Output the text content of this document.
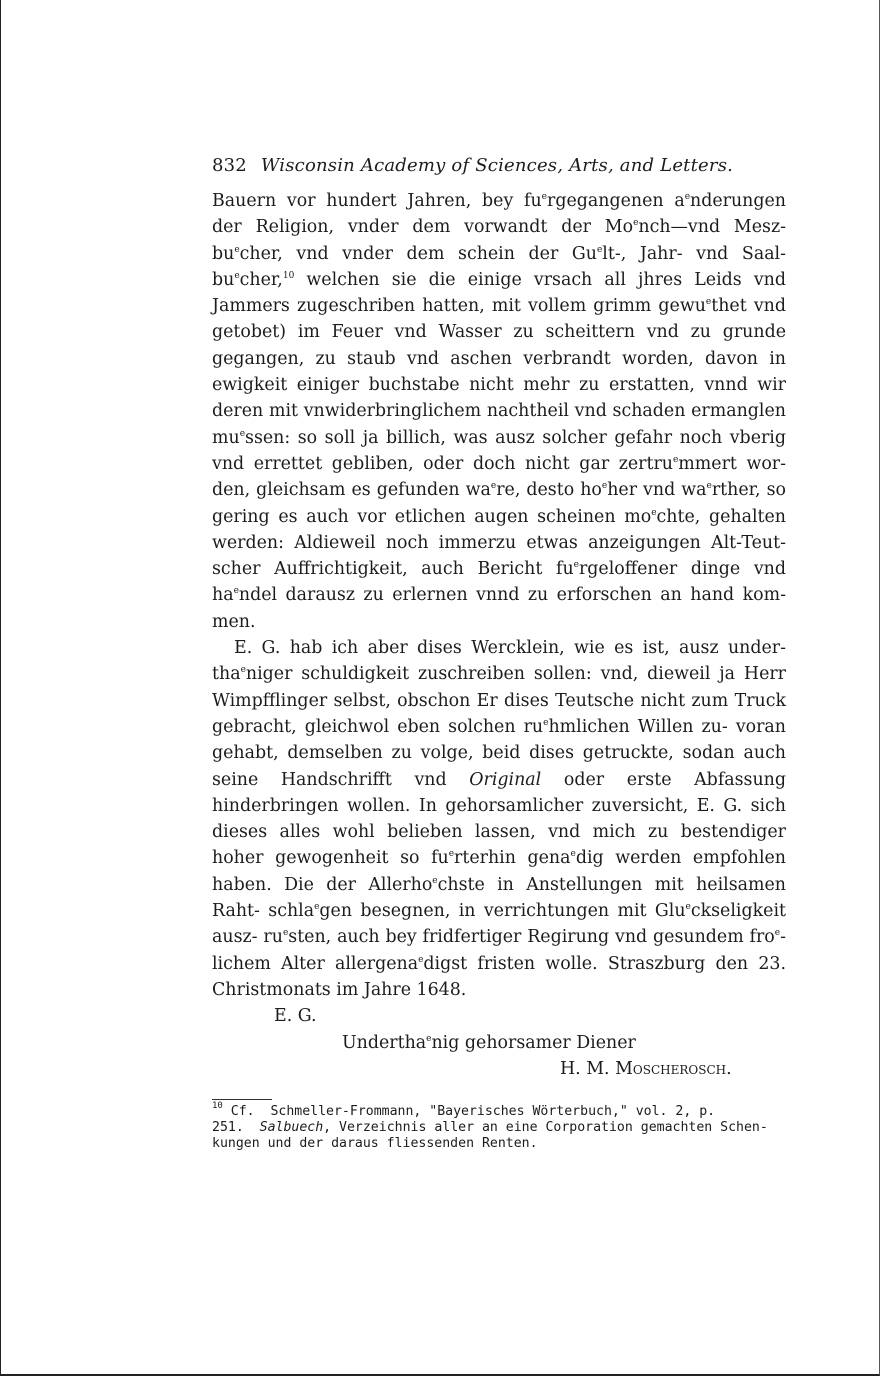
832 Wisconsin Academy of Sciences, Arts, and Letters.

Bauern vor hundert Jahren, bey $fu^ergegangenen$ $a^enderungen$ der Religion, vnder dem vorwandt der Mo$^e$nch—vnd Mesz- $bu^echer$, vnd vnder dem schein der Gu$^e$lt-, Jahr- vnd Saal- $bu^echer,^{10}$ welchen sie die einige vrsach all jhres Leids vnd Jammers zugeschriben hatten, mit vollem grimm gewu$^e$thet vnd getobet) im Feuer vnd Wasser zu scheittern vnd zu grunde gegangen, zu staub vnd aschen verbrandt worden, davon in ewigkeit einiger buchstabe nicht mehr zu erstatten, vnnd wir deren mit vnwiderbringlichem nachtheil vnd schaden ermanglen $mu^essen$: so soll ja billich, was ausz solcher gefahr noch vberig vnd errettet gebliben, oder doch nicht gar zertru$^e$mmert wor- den, gleichsam es gefunden $wa^ere$, desto $ho^eher$ vnd $wa^erther$, so gering es auch vor etlichen augen scheinen $mo^echte$, gehalten werden: Aldieweil noch immerzu etwas anzeigungen Alt-Teut- scher Auffrichtigkeit, auch Bericht $fu^ergeloffener$ dinge vnd $ha^endel$ darausz zu erlernen vnnd zu erforschen an hand kom- men.

E. G. hab ich aber dises Wercklein, wie es ist, ausz under- tha$^e$niger schuldigkeit zuschreiben sollen: vnd, dieweil ja Herr Wimpfflinger selbst, obschon Er dises Teutsche nicht zum Truck gebracht, gleichwol eben solchen $ru^ehmlichen$ Willen zu- voran gehabt, demselben zu volge, beid dises getruckte, sodan auch seine Handschrifft vnd Original oder erste Abfassung hinderbringen wollen. In gehorsamlicher zuversicht, E. G. sich dieses alles wohl belieben lassen, vnd mich zu bestendiger hoher gewogenheit so $fu^erterhin$ gena$^e$dig werden empfohlen haben. Die der Allerho$^e$chste in Anstellungen mit heilsamen Raht- schla$^e$gen besegnen, in verrichtungen mit Glu$^e$ckseligkeit ausz- $ru^esten$, auch bey fridfertiger Regirung vnd gesundem fro$^e$- lichem Alter allergena$^e$digst fristen wolle. Straszburg den 23. Christmonats im Jahre 1648.

E. G.
Undertha$^e$nig gehorsamer Diener
H. M. Moscherosch.
$^{10}$ Cf.  Schmeller-Frommann, "Bayerisches Wörterbuch," vol. 2, p.
251.  Salbuech, Verzeichnis aller an eine Corporation gemachten Schen-
kungen und der daraus fliessenden Renten.
